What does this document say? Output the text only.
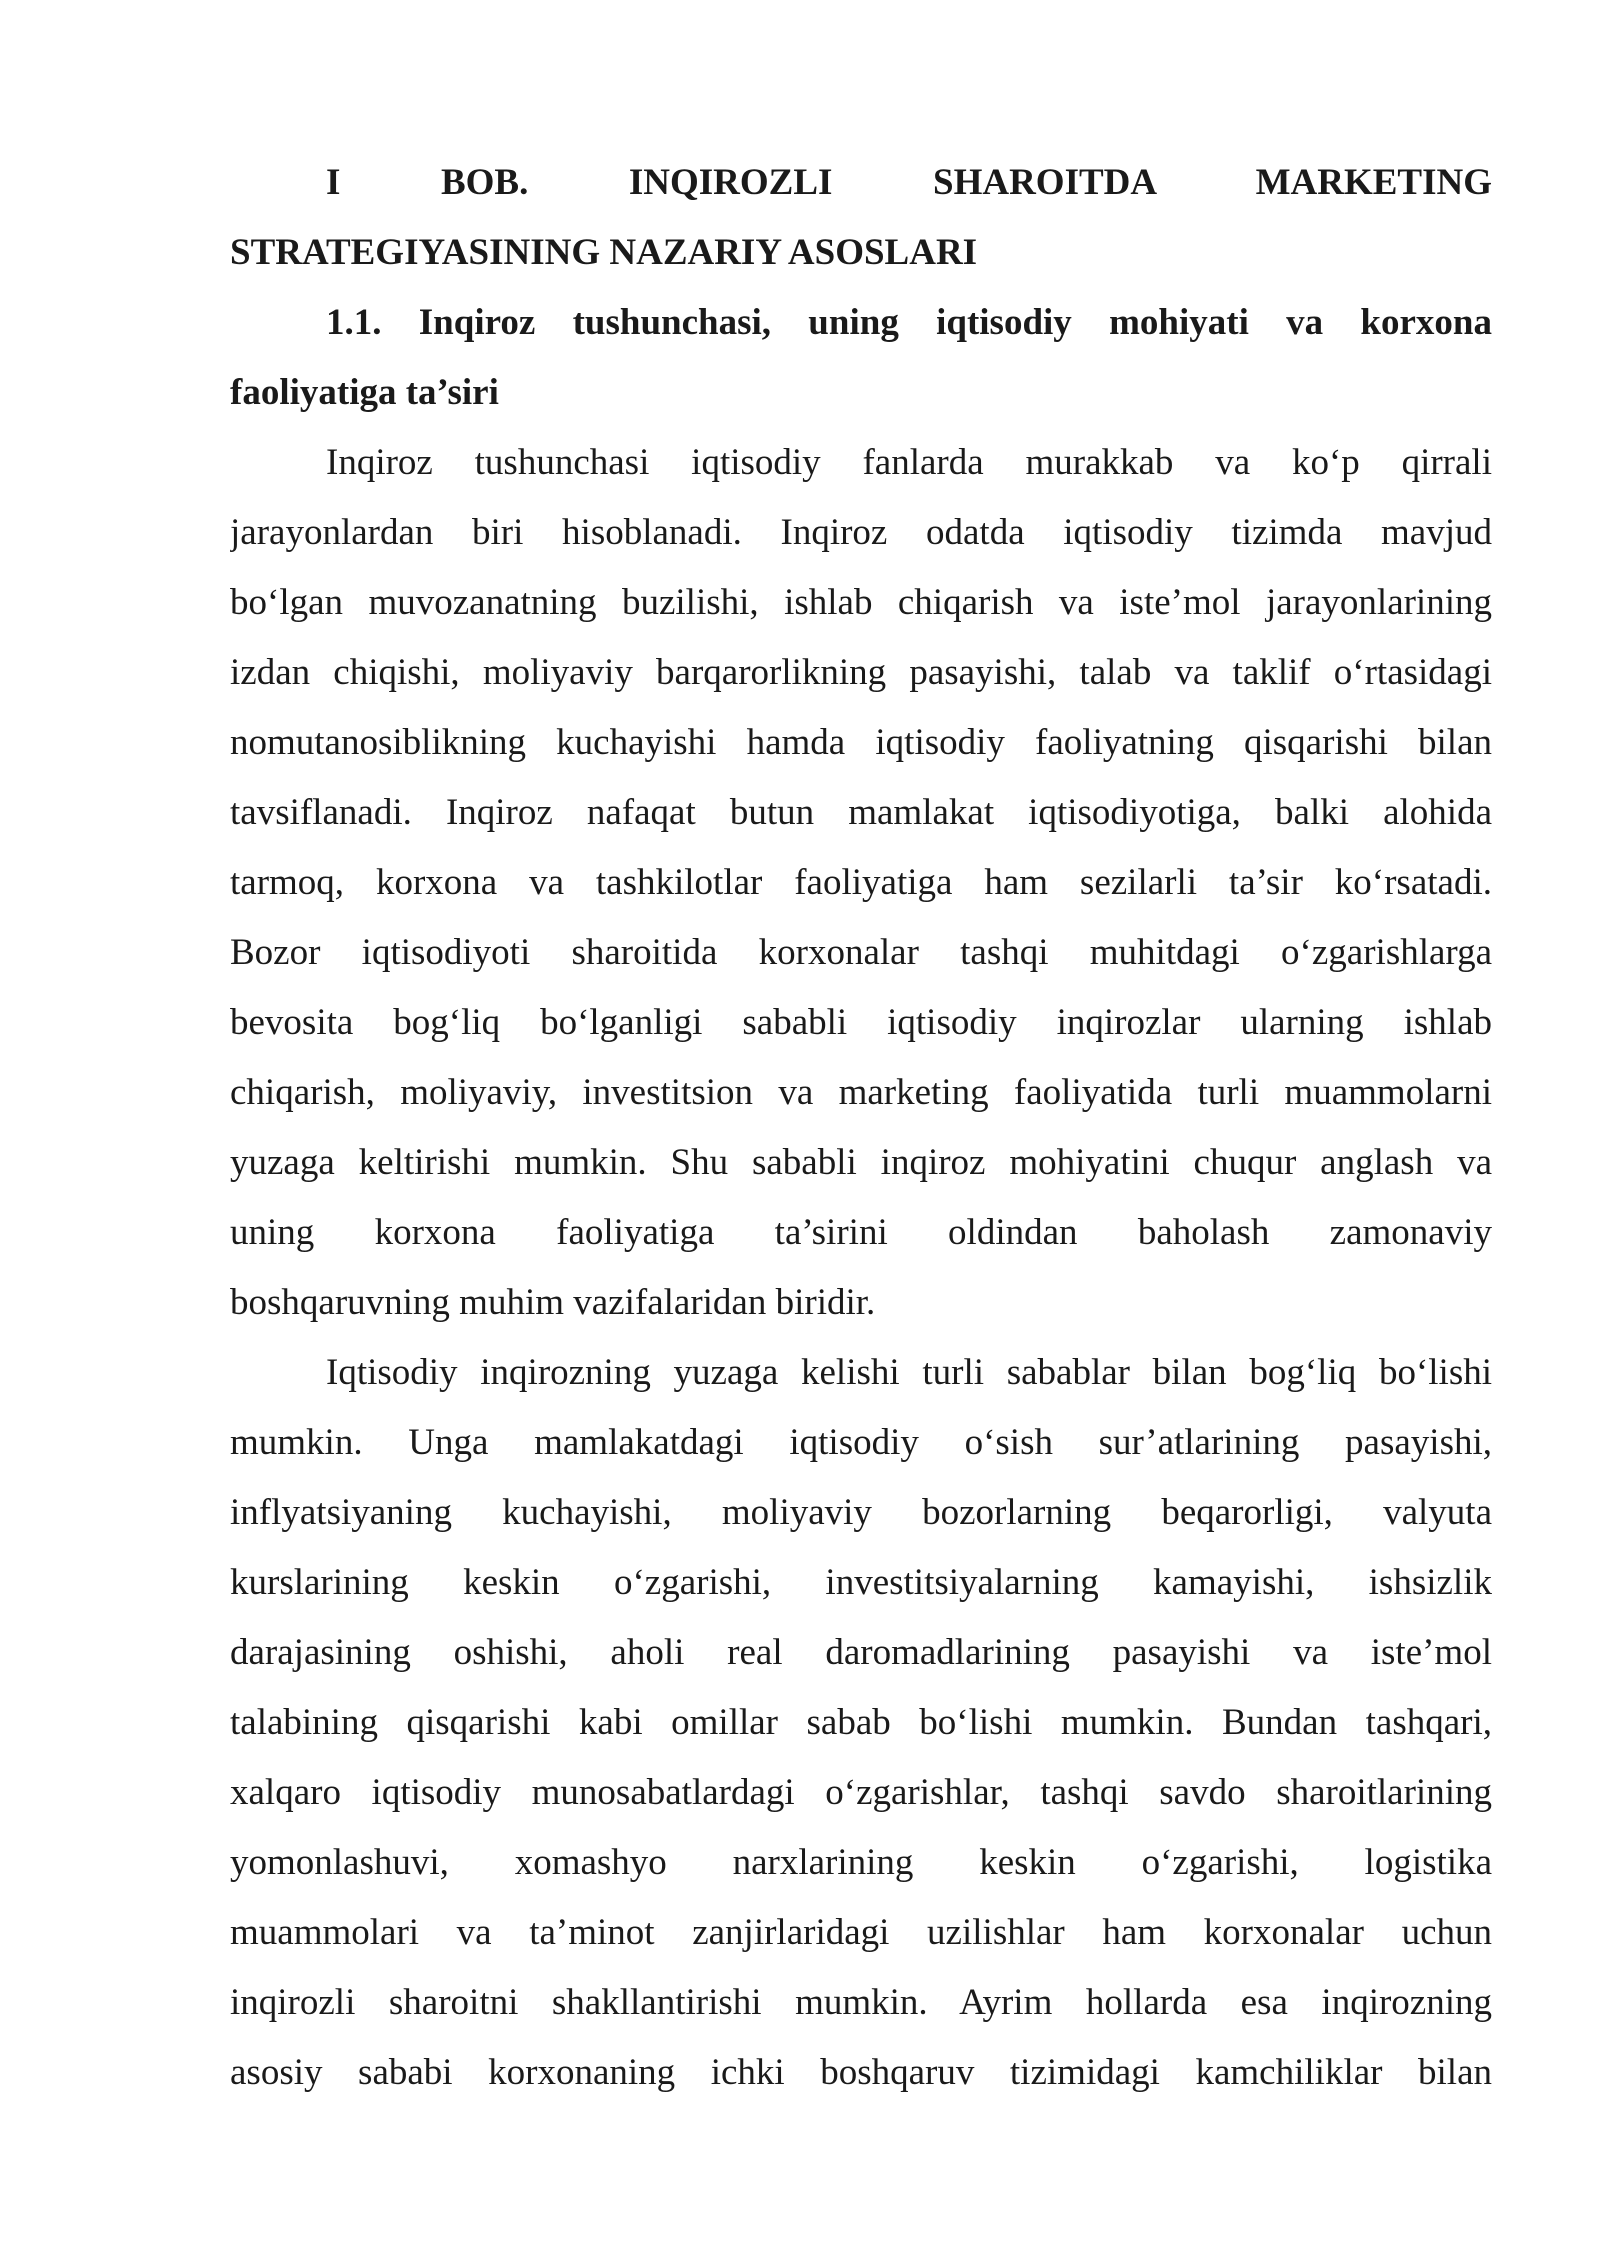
I BOB. INQIROZLI SHAROITDA MARKETING
STRATEGIYASINING NAZARIY ASOSLARI
1.1. Inqiroz tushunchasi, uning iqtisodiy mohiyati va korxona
faoliyatiga ta’siri
Inqiroz tushunchasi iqtisodiy fanlarda murakkab va ko‘p qirrali
jarayonlardan biri hisoblanadi. Inqiroz odatda iqtisodiy tizimda mavjud
bo‘lgan muvozanatning buzilishi, ishlab chiqarish va iste’mol jarayonlarining
izdan chiqishi, moliyaviy barqarorlikning pasayishi, talab va taklif o‘rtasidagi
nomutanosiblikning kuchayishi hamda iqtisodiy faoliyatning qisqarishi bilan
tavsiflanadi. Inqiroz nafaqat butun mamlakat iqtisodiyotiga, balki alohida
tarmoq, korxona va tashkilotlar faoliyatiga ham sezilarli ta’sir ko‘rsatadi.
Bozor iqtisodiyoti sharoitida korxonalar tashqi muhitdagi o‘zgarishlarga
bevosita bog‘liq bo‘lganligi sababli iqtisodiy inqirozlar ularning ishlab
chiqarish, moliyaviy, investitsion va marketing faoliyatida turli muammolarni
yuzaga keltirishi mumkin. Shu sababli inqiroz mohiyatini chuqur anglash va
uning korxona faoliyatiga ta’sirini oldindan baholash zamonaviy
boshqaruvning muhim vazifalaridan biridir.
Iqtisodiy inqirozning yuzaga kelishi turli sabablar bilan bog‘liq bo‘lishi
mumkin. Unga mamlakatdagi iqtisodiy o‘sish sur’atlarining pasayishi,
inflyatsiyaning kuchayishi, moliyaviy bozorlarning beqarorligi, valyuta
kurslarining keskin o‘zgarishi, investitsiyalarning kamayishi, ishsizlik
darajasining oshishi, aholi real daromadlarining pasayishi va iste’mol
talabining qisqarishi kabi omillar sabab bo‘lishi mumkin. Bundan tashqari,
xalqaro iqtisodiy munosabatlardagi o‘zgarishlar, tashqi savdo sharoitlarining
yomonlashuvi, xomashyo narxlarining keskin o‘zgarishi, logistika
muammolari va ta’minot zanjirlaridagi uzilishlar ham korxonalar uchun
inqirozli sharoitni shakllantirishi mumkin. Ayrim hollarda esa inqirozning
asosiy sababi korxonaning ichki boshqaruv tizimidagi kamchiliklar bilan
